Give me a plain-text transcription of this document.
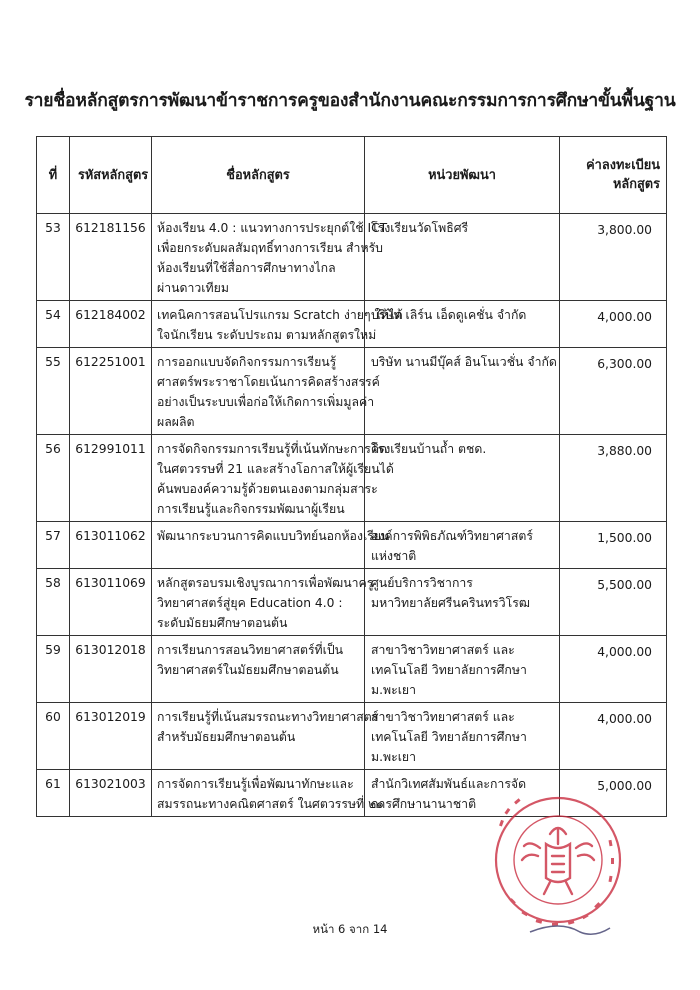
รายชื่อหลักสูตรการพัฒนาข้าราชการครูของสำนักงานคณะกรรมการการศึกษาขั้นพื้นฐาน
ที่	รหัสหลักสูตร	ชื่อหลักสูตร	หน่วยพัฒนา	ค่าลงทะเบียน
หลักสูตร

53	612181156	ห้องเรียน 4.0 : แนวทางการประยุกต์ใช้ ICT
เพื่อยกระดับผลสัมฤทธิ์ทางการเรียน สำหรับ
ห้องเรียนที่ใช้สื่อการศึกษาทางไกล
ผ่านดาวเทียม	โรงเรียนวัดโพธิศรี	3,800.00
54	612184002	เทคนิคการสอนโปรแกรม Scratch ง่ายๆ ให้ได้
ใจนักเรียน ระดับประถม ตามหลักสูตรใหม่	บริษัท เลิร์น เอ็ดดูเคชั่น จำกัด	4,000.00
55	612251001	การออกแบบจัดกิจกรรมการเรียนรู้
ศาสตร์พระราชาโดยเน้นการคิดสร้างสรรค์
อย่างเป็นระบบเพื่อก่อให้เกิดการเพิ่มมูลค่า
ผลผลิต	บริษัท นานมีบุ๊คส์ อินโนเวชั่น จำกัด	6,300.00
56	612991011	การจัดกิจกรรมการเรียนรู้ที่เน้นทักษะการคิด
ในศตวรรษที่ 21 และสร้างโอกาสให้ผู้เรียนได้
ค้นพบองค์ความรู้ด้วยตนเองตามกลุ่มสาระ
การเรียนรู้และกิจกรรมพัฒนาผู้เรียน	โรงเรียนบ้านถ้ำ ตชด.	3,880.00
57	613011062	พัฒนากระบวนการคิดแบบวิทย์นอกห้องเรียน	องค์การพิพิธภัณฑ์วิทยาศาสตร์
แห่งชาติ	1,500.00
58	613011069	หลักสูตรอบรมเชิงบูรณาการเพื่อพัฒนาครู
วิทยาศาสตร์สู่ยุค Education 4.0 :
ระดับมัธยมศึกษาตอนต้น	ศูนย์บริการวิชาการ
มหาวิทยาลัยศรีนครินทรวิโรฒ	5,500.00
59	613012018	การเรียนการสอนวิทยาศาสตร์ที่เป็น
วิทยาศาสตร์ในมัธยมศึกษาตอนต้น	สาขาวิชาวิทยาศาสตร์ และ
เทคโนโลยี วิทยาลัยการศึกษา
ม.พะเยา	4,000.00
60	613012019	การเรียนรู้ที่เน้นสมรรถนะทางวิทยาศาสตร์
สำหรับมัธยมศึกษาตอนต้น	สาขาวิชาวิทยาศาสตร์ และ
เทคโนโลยี วิทยาลัยการศึกษา
ม.พะเยา	4,000.00
61	613021003	การจัดการเรียนรู้เพื่อพัฒนาทักษะและ
สมรรถนะทางคณิตศาสตร์ ในศตวรรษที่ ๒๑	สำนักวิเทศสัมพันธ์และการจัด
การศึกษานานาชาติ	5,000.00
หน้า 6 จาก 14
